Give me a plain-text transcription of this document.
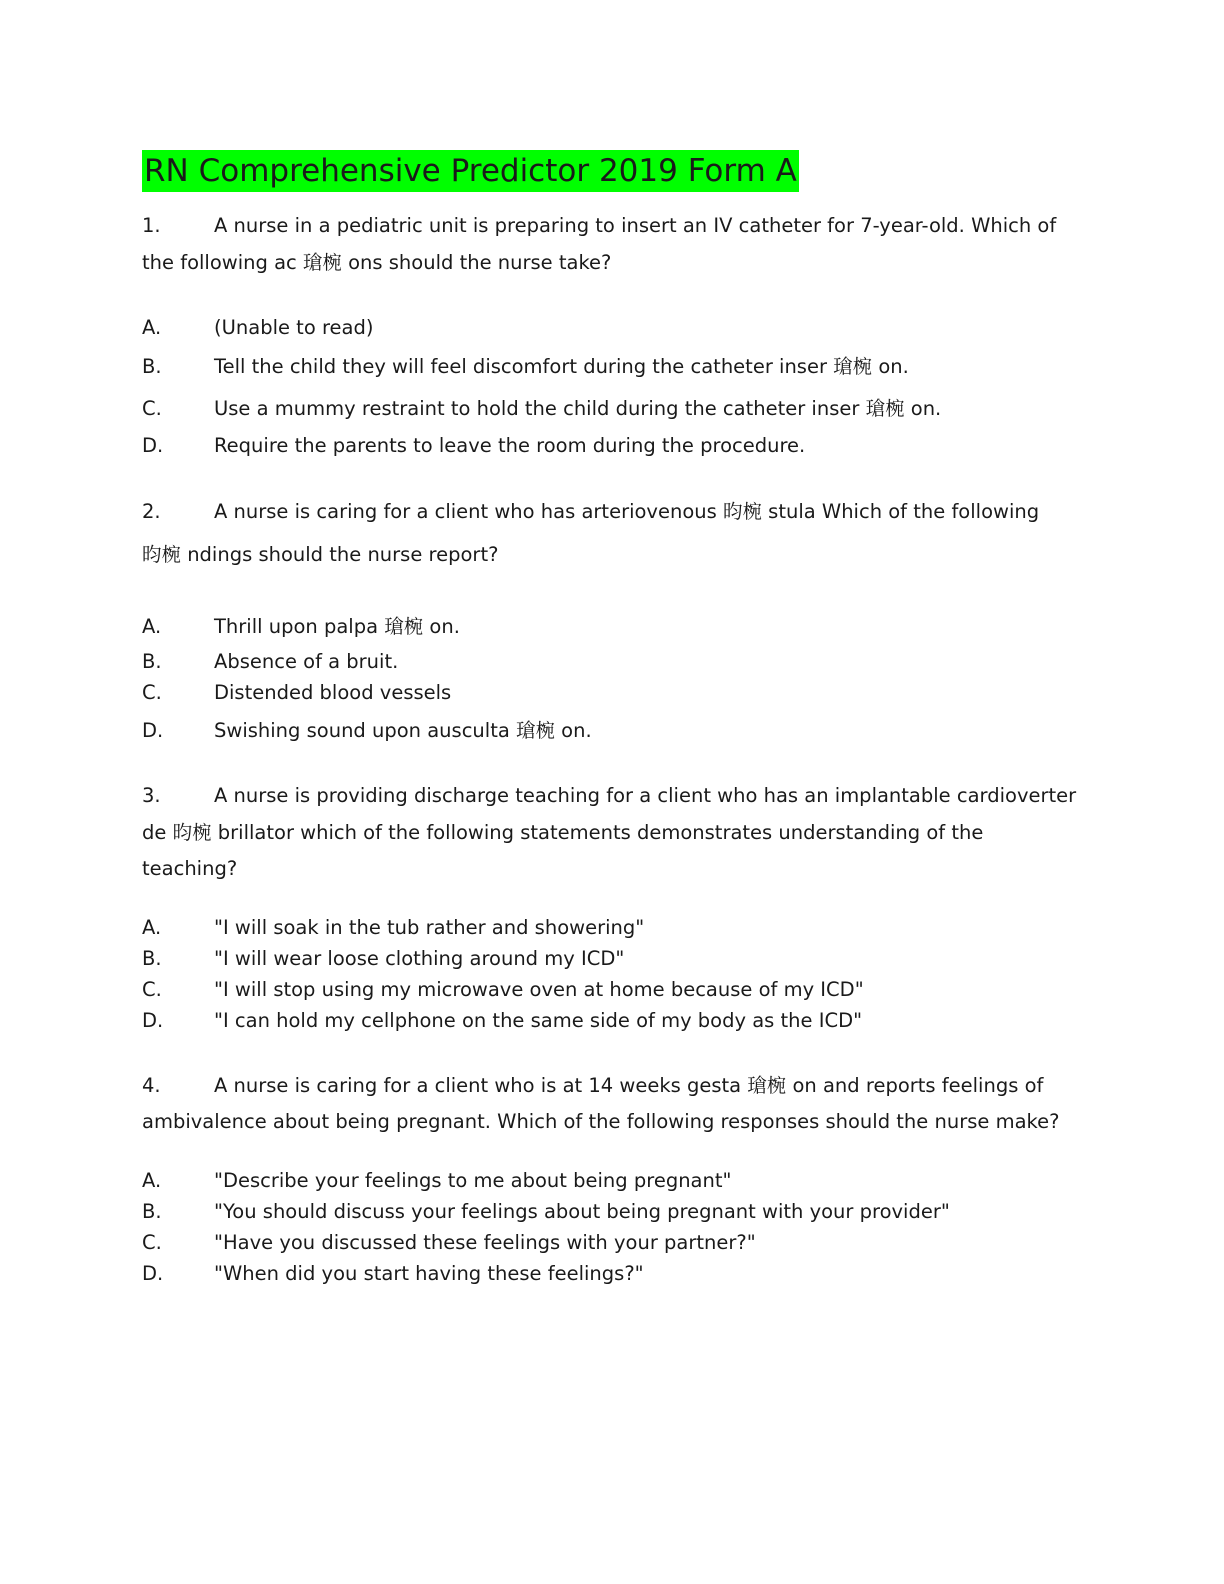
RN Comprehensive Predictor 2019 Form A
1.	A nurse in a pediatric unit is preparing to insert an IV catheter for 7-year-old. Which of
the following ac 瑲椀 ons should the nurse take?
A.	(Unable to read)
B.	Tell the child they will feel discomfort during the catheter inser 瑲椀 on.
C.	Use a mummy restraint to hold the child during the catheter inser 瑲椀 on.
D.	Require the parents to leave the room during the procedure.
2.	A nurse is caring for a client who has arteriovenous 昀椀 stula Which of the following
昀椀 ndings should the nurse report?
A.	Thrill upon palpa 瑲椀 on.
B.	Absence of a bruit.
C.	Distended blood vessels
D.	Swishing sound upon ausculta 瑲椀 on.
3.	A nurse is providing discharge teaching for a client who has an implantable cardioverter
de 昀椀 brillator which of the following statements demonstrates understanding of the
teaching?
A.	"I will soak in the tub rather and showering"
B.	"I will wear loose clothing around my ICD"
C.	"I will stop using my microwave oven at home because of my ICD"
D.	"I can hold my cellphone on the same side of my body as the ICD"
4.	A nurse is caring for a client who is at 14 weeks gesta 瑲椀 on and reports feelings of
ambivalence about being pregnant. Which of the following responses should the nurse make?
A.	"Describe your feelings to me about being pregnant"
B.	"You should discuss your feelings about being pregnant with your provider"
C.	"Have you discussed these feelings with your partner?"
D.	"When did you start having these feelings?"
